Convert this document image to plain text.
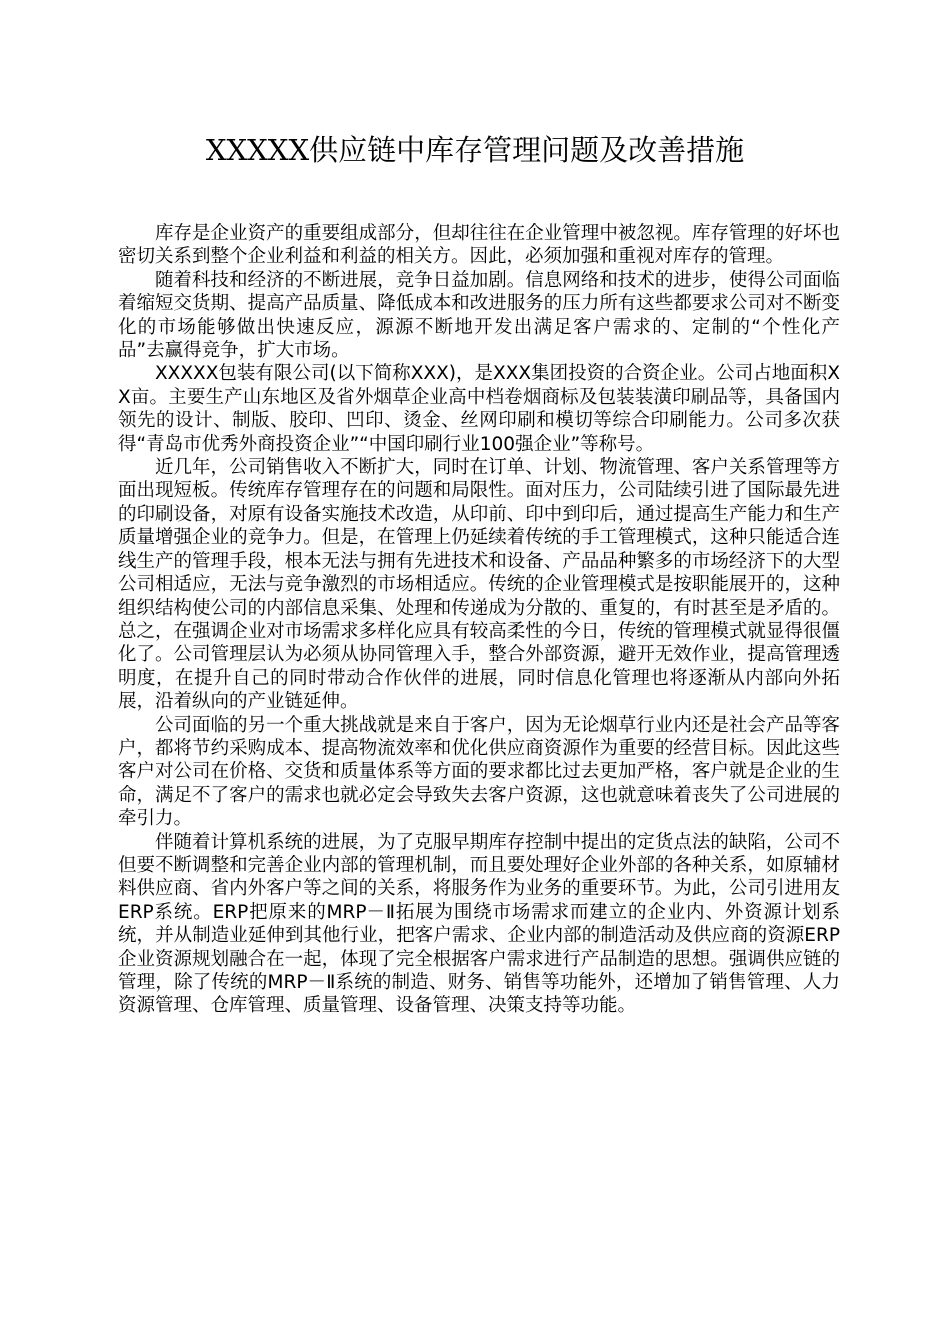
XXXXX供应链中库存管理问题及改善措施

库存是企业资产的重要组成部分，但却往往在企业管理中被忽视。库存管理的好坏也密切关系到整个企业利益和利益的相关方。因此，必须加强和重视对库存的管理。

随着科技和经济的不断进展，竞争日益加剧。信息网络和技术的进步，使得公司面临着缩短交货期、提高产品质量、降低成本和改进服务的压力所有这些都要求公司对不断变化的市场能够做出快速反应，源源不断地开发出满足客户需求的、定制的“个性化产品”去赢得竞争，扩大市场。

XXXXX包装有限公司(以下简称XXX)，是XXX集团投资的合资企业。公司占地面积XX亩。主要生产山东地区及省外烟草企业高中档卷烟商标及包装装潢印刷品等，具备国内领先的设计、制版、胶印、凹印、烫金、丝网印刷和模切等综合印刷能力。公司多次获得“青岛市优秀外商投资企业”“中国印刷行业100强企业”等称号。

近几年，公司销售收入不断扩大，同时在订单、计划、物流管理、客户关系管理等方面出现短板。传统库存管理存在的问题和局限性。面对压力，公司陆续引进了国际最先进的印刷设备，对原有设备实施技术改造，从印前、印中到印后，通过提高生产能力和生产质量增强企业的竞争力。但是，在管理上仍延续着传统的手工管理模式，这种只能适合连线生产的管理手段，根本无法与拥有先进技术和设备、产品品种繁多的市场经济下的大型公司相适应，无法与竞争激烈的市场相适应。传统的企业管理模式是按职能展开的，这种组织结构使公司的内部信息采集、处理和传递成为分散的、重复的，有时甚至是矛盾的。总之，在强调企业对市场需求多样化应具有较高柔性的今日，传统的管理模式就显得很僵化了。公司管理层认为必须从协同管理入手，整合外部资源，避开无效作业，提高管理透明度，在提升自己的同时带动合作伙伴的进展，同时信息化管理也将逐渐从内部向外拓展，沿着纵向的产业链延伸。

公司面临的另一个重大挑战就是来自于客户，因为无论烟草行业内还是社会产品等客户，都将节约采购成本、提高物流效率和优化供应商资源作为重要的经营目标。因此这些客户对公司在价格、交货和质量体系等方面的要求都比过去更加严格，客户就是企业的生命，满足不了客户的需求也就必定会导致失去客户资源，这也就意味着丧失了公司进展的牵引力。

伴随着计算机系统的进展，为了克服早期库存控制中提出的定货点法的缺陷，公司不但要不断调整和完善企业内部的管理机制，而且要处理好企业外部的各种关系，如原辅材料供应商、省内外客户等之间的关系，将服务作为业务的重要环节。为此，公司引进用友ERP系统。ERP把原来的MRP－Ⅱ拓展为围绕市场需求而建立的企业内、外资源计划系统，并从制造业延伸到其他行业，把客户需求、企业内部的制造活动及供应商的资源ERP企业资源规划融合在一起，体现了完全根据客户需求进行产品制造的思想。强调供应链的管理，除了传统的MRP－Ⅱ系统的制造、财务、销售等功能外，还增加了销售管理、人力资源管理、仓库管理、质量管理、设备管理、决策支持等功能。
